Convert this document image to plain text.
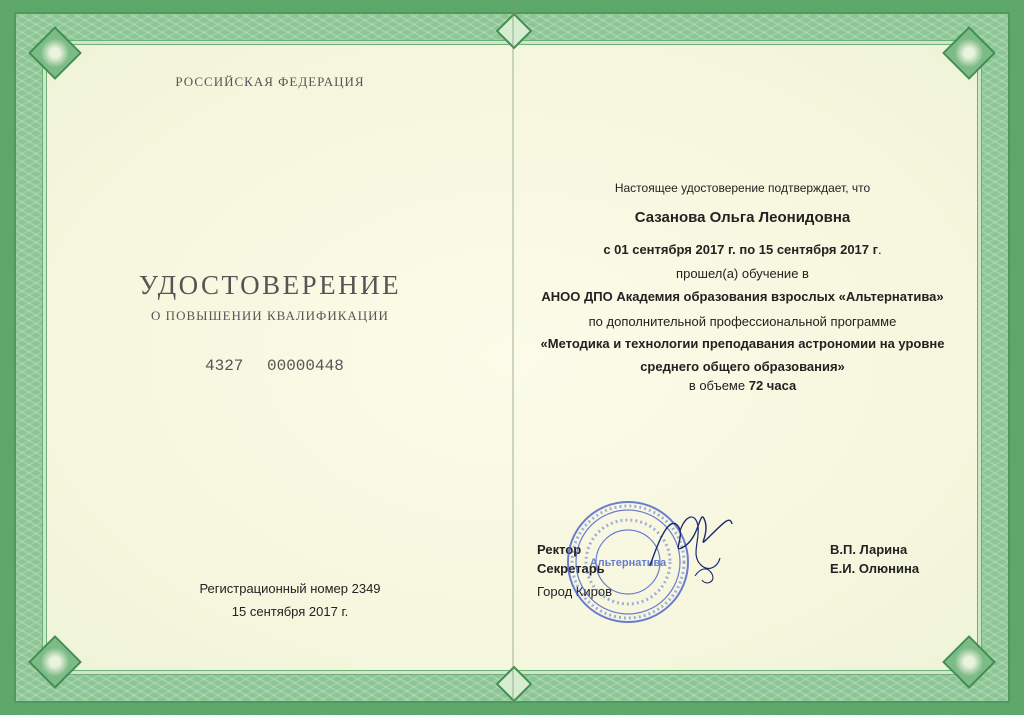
РОССИЙСКАЯ ФЕДЕРАЦИЯ
УДОСТОВЕРЕНИЕ
О ПОВЫШЕНИИ КВАЛИФИКАЦИИ
4327 00000448
Регистрационный номер 2349
15 сентября 2017 г.
Настоящее удостоверение подтверждает, что
Сазанова Ольга Леонидовна
с 01 сентября 2017 г. по 15 сентября 2017 г.
прошел(а) обучение в
АНОО ДПО Академия образования взрослых «Альтернатива»
по дополнительной профессиональной программе
«Методика и технологии преподавания астрономии на уровне
среднего общего образования»
в объеме 72 часа
Ректор
Секретарь
Город Киров
В.П. Ларина
Е.И. Олюнина
Альтернатива
